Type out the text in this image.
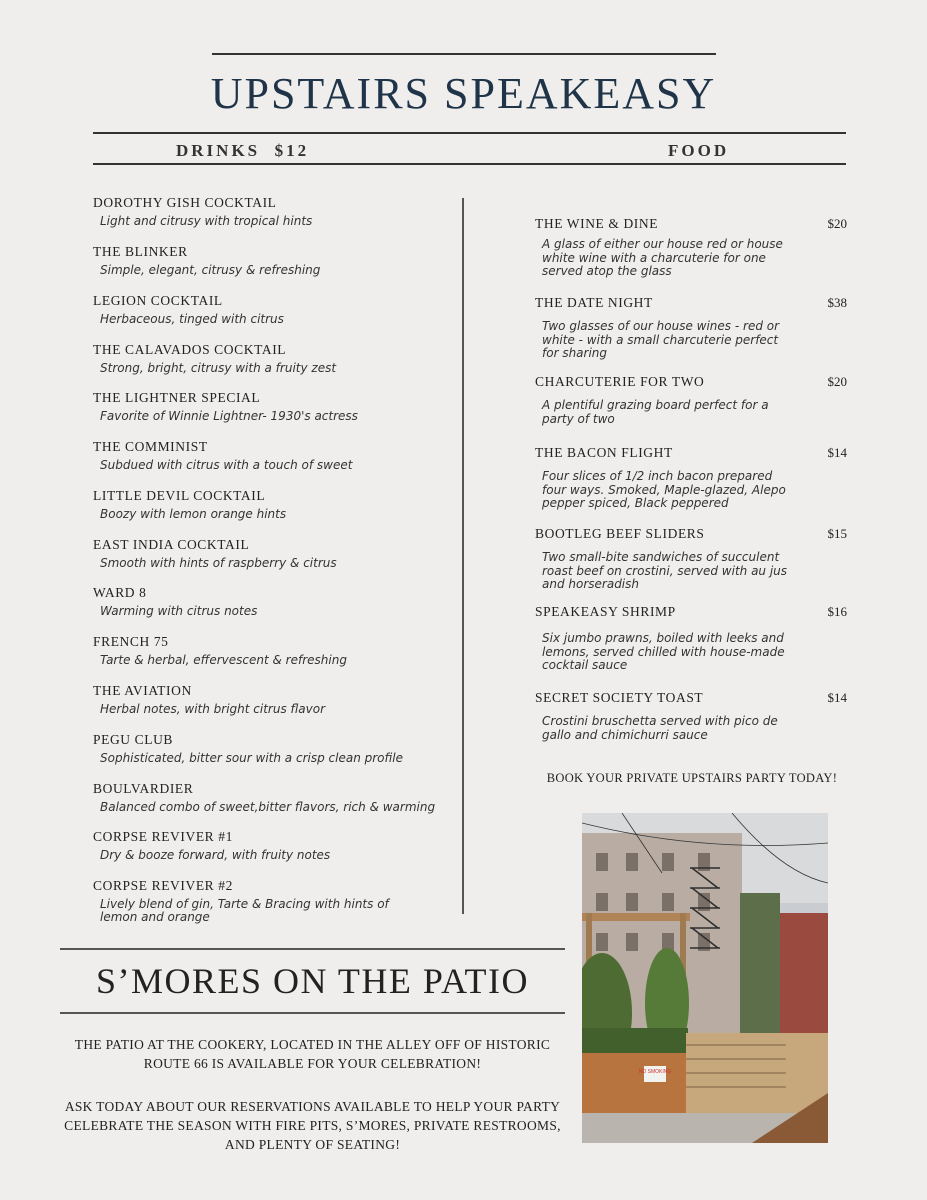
UPSTAIRS SPEAKEASY
DRINKS  $12	FOOD
DOROTHY GISH COCKTAIL
Light and citrusy with tropical hints
THE BLINKER
Simple, elegant, citrusy & refreshing
LEGION COCKTAIL
Herbaceous, tinged with citrus
THE CALAVADOS COCKTAIL
Strong, bright, citrusy with a fruity zest
THE LIGHTNER SPECIAL
Favorite of Winnie Lightner- 1930's actress
THE COMMINIST
Subdued with citrus with a touch of sweet
LITTLE DEVIL COCKTAIL
Boozy with lemon orange hints
EAST INDIA COCKTAIL
Smooth with hints of raspberry & citrus
WARD 8
Warming with citrus notes
FRENCH 75
Tarte & herbal, effervescent & refreshing
THE AVIATION
Herbal notes, with bright citrus flavor
PEGU CLUB
Sophisticated, bitter sour with a crisp clean profile
BOULVARDIER
Balanced combo of sweet,bitter flavors, rich & warming
CORPSE REVIVER #1
Dry & booze forward, with fruity notes
CORPSE REVIVER #2
Lively blend of gin, Tarte & Bracing with hints of lemon and orange
THE WINE & DINE	$20
A glass of either our house red or house white wine with a charcuterie for one served atop the glass
THE DATE NIGHT	$38
Two glasses of our house wines - red or white - with a small charcuterie perfect for sharing
CHARCUTERIE FOR TWO	$20
A plentiful grazing board perfect for a party of two
THE BACON FLIGHT	$14
Four slices of 1/2 inch bacon prepared four ways. Smoked, Maple-glazed, Alepo pepper spiced, Black peppered
BOOTLEG BEEF SLIDERS	$15
Two small-bite sandwiches of succulent roast beef on crostini, served with au jus and horseradish
SPEAKEASY SHRIMP	$16
Six jumbo prawns, boiled with leeks and lemons, served chilled with house-made cocktail sauce
SECRET SOCIETY TOAST	$14
Crostini bruschetta served with pico de gallo and chimichurri sauce
BOOK YOUR PRIVATE UPSTAIRS PARTY TODAY!
S’MORES ON THE PATIO
THE PATIO AT THE COOKERY, LOCATED IN THE ALLEY OFF OF HISTORIC ROUTE 66 IS AVAILABLE FOR YOUR CELEBRATION!
ASK TODAY ABOUT OUR RESERVATIONS AVAILABLE TO HELP YOUR PARTY CELEBRATE THE SEASON WITH FIRE PITS, S’MORES, PRIVATE RESTROOMS, AND PLENTY OF SEATING!
NO SMOKING
